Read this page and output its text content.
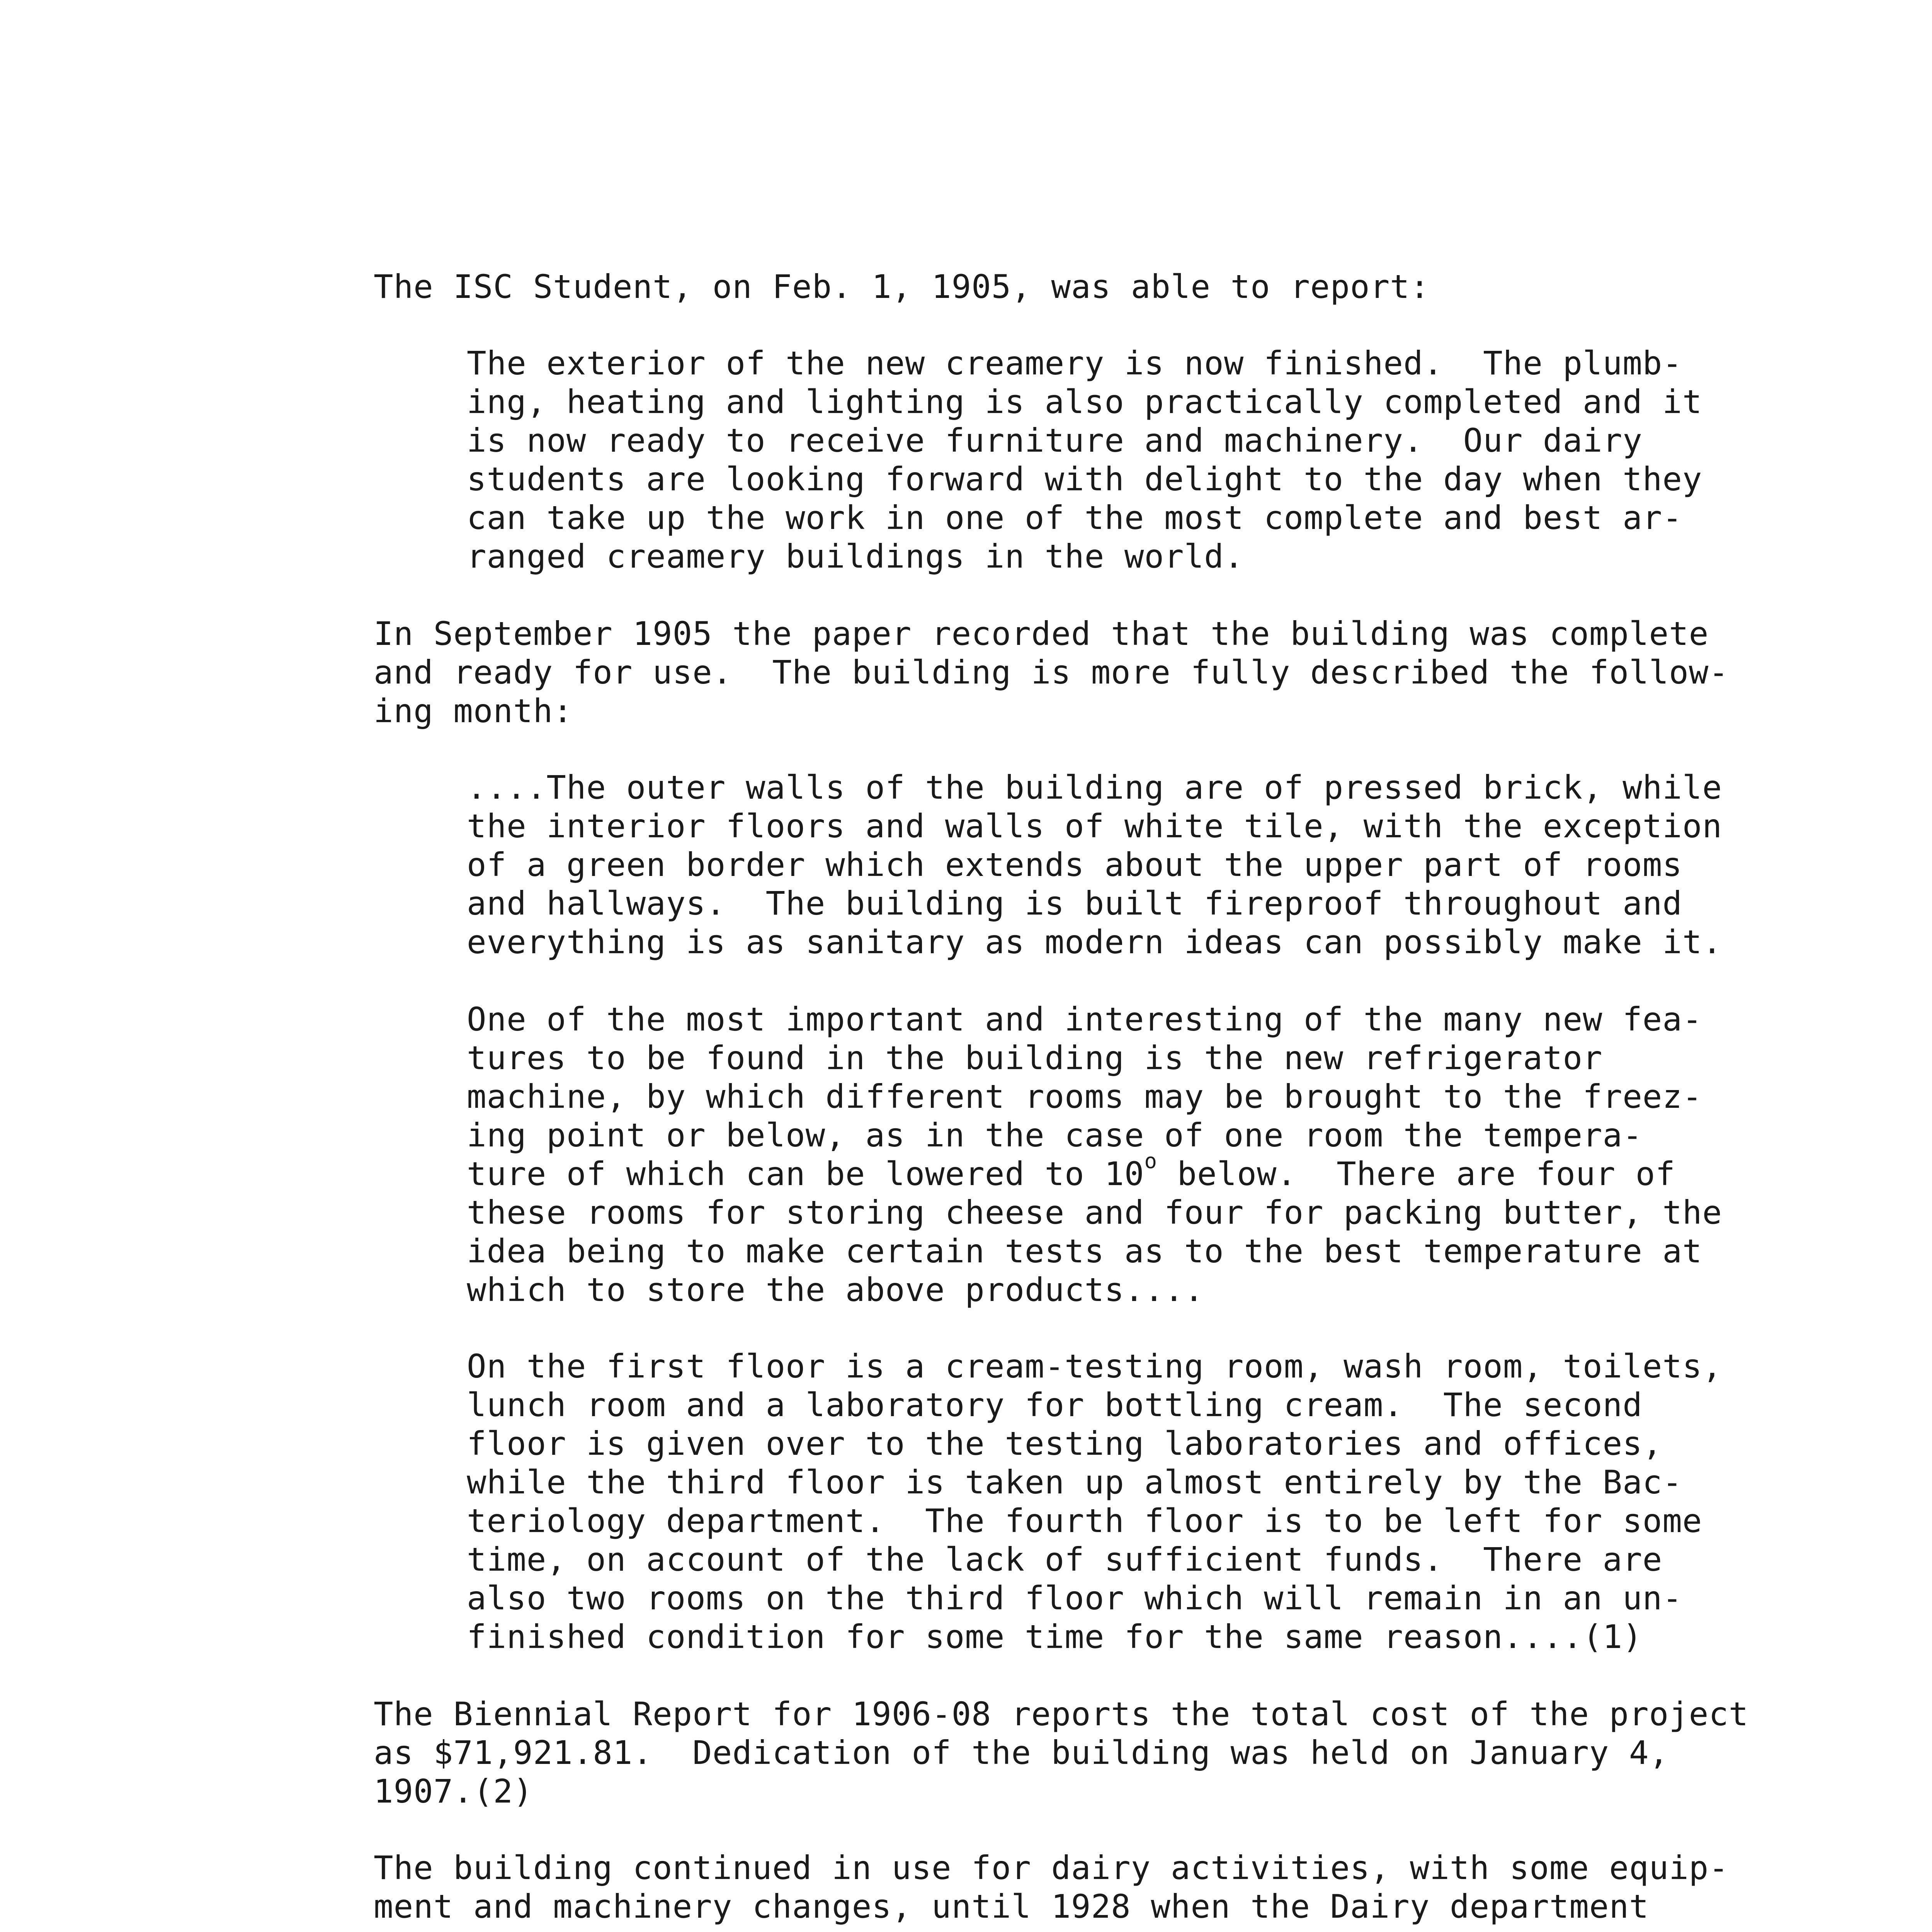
The ISC Student, on Feb. 1, 1905, was able to report:
The exterior of the new creamery is now finished.  The plumb-
ing, heating and lighting is also practically completed and it
is now ready to receive furniture and machinery.  Our dairy
students are looking forward with delight to the day when they
can take up the work in one of the most complete and best ar-
ranged creamery buildings in the world.
In September 1905 the paper recorded that the building was complete
and ready for use.  The building is more fully described the follow-
ing month:
....The outer walls of the building are of pressed brick, while
the interior floors and walls of white tile, with the exception
of a green border which extends about the upper part of rooms
and hallways.  The building is built fireproof throughout and
everything is as sanitary as modern ideas can possibly make it.
One of the most important and interesting of the many new fea-
tures to be found in the building is the new refrigerator
machine, by which different rooms may be brought to the freez-
ing point or below, as in the case of one room the tempera-
ture of which can be lowered to 10$^o$ below.  There are four of
these rooms for storing cheese and four for packing butter, the
idea being to make certain tests as to the best temperature at
which to store the above products....
On the first floor is a cream-testing room, wash room, toilets,
lunch room and a laboratory for bottling cream.  The second
floor is given over to the testing laboratories and offices,
while the third floor is taken up almost entirely by the Bac-
teriology department.  The fourth floor is to be left for some
time, on account of the lack of sufficient funds.  There are
also two rooms on the third floor which will remain in an un-
finished condition for some time for the same reason....(1)
The Biennial Report for 1906-08 reports the total cost of the project
as $71,921.81.  Dedication of the building was held on January 4,
1907.(2)
The building continued in use for dairy activities, with some equip-
ment and machinery changes, until 1928 when the Dairy department
